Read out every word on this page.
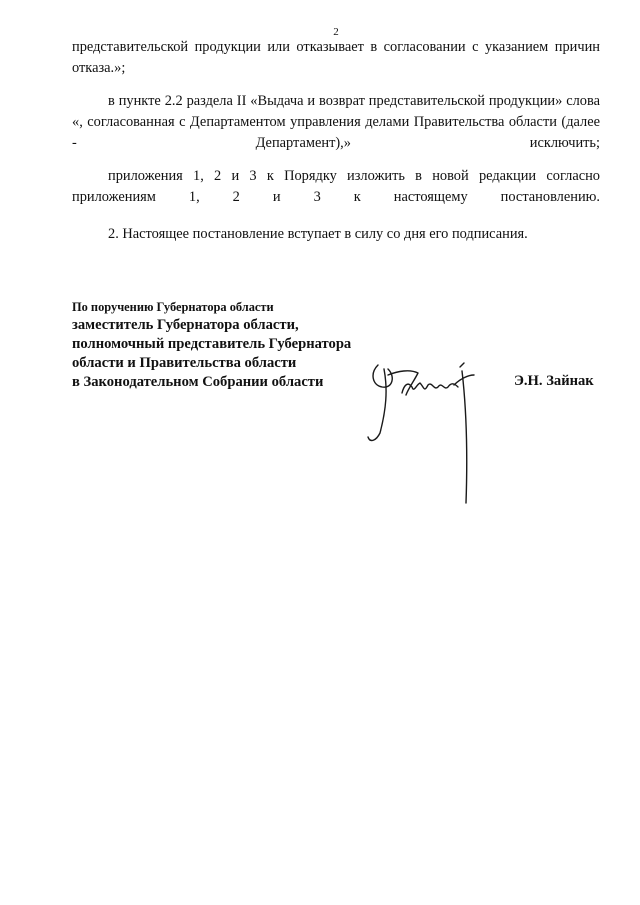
2

представительской продукции или отказывает в согласовании с указанием причин отказа.»;

в пункте 2.2 раздела II «Выдача и возврат представительской продукции» слова «, согласованная с Департаментом управления делами Правительства области (далее - Департамент),» исключить;

приложения 1, 2 и 3 к Порядку изложить в новой редакции согласно приложениям 1, 2 и 3 к настоящему постановлению.

2. Настоящее постановление вступает в силу со дня его подписания.

По поручению Губернатора области
заместитель Губернатора области,
полномочный представитель Губернатора
области и Правительства области
в Законодательном Собрании области	Э.Н. Зайнак
